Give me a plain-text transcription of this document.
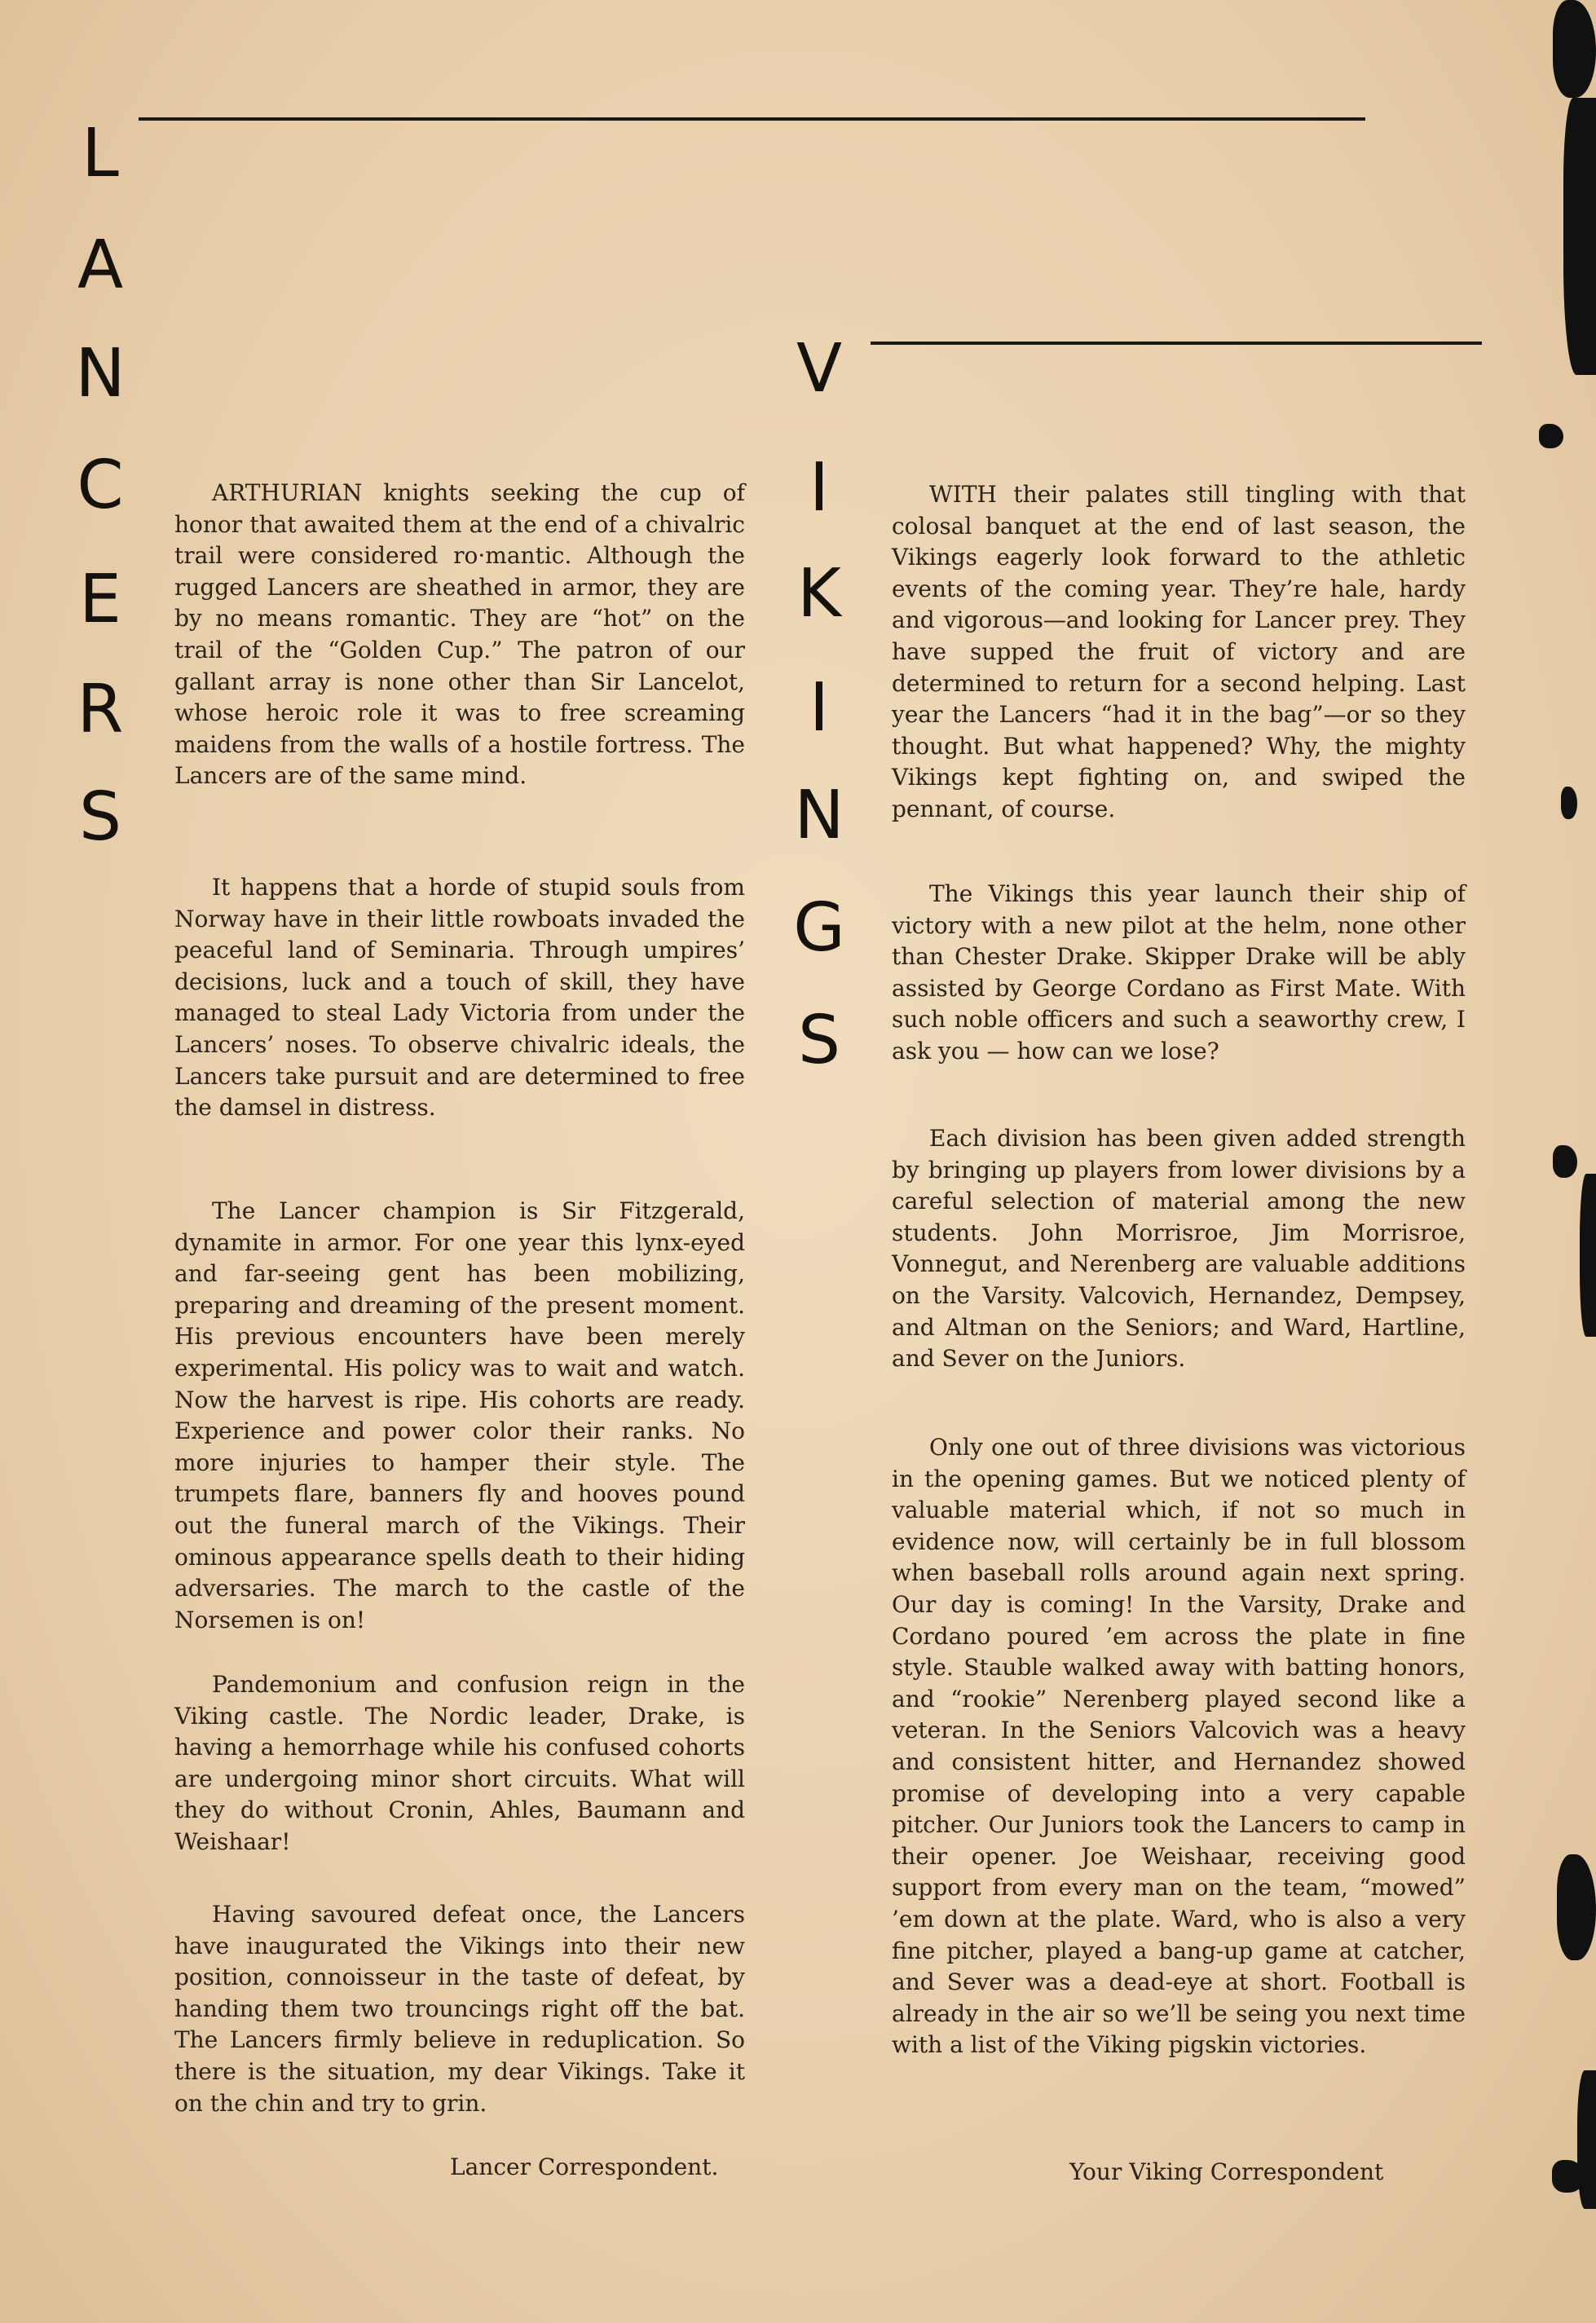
L
A
N
C
E
R
S
V
I
K
I
N
G
S

ARTHURIAN knights seeking the cup of honor that awaited them at the end of a chivalric trail were considered ro·mantic. Although the rugged Lancers are sheathed in armor, they are by no means romantic. They are “hot” on the trail of the “Golden Cup.” The patron of our gallant array is none other than Sir Lancelot, whose heroic role it was to free screaming maidens from the walls of a hostile fortress. The Lancers are of the same mind.

It happens that a horde of stupid souls from Norway have in their little rowboats invaded the peaceful land of Seminaria. Through umpires’ decisions, luck and a touch of skill, they have managed to steal Lady Victoria from under the Lancers’ noses. To observe chivalric ideals, the Lancers take pursuit and are determined to free the damsel in distress.

The Lancer champion is Sir Fitzgerald, dynamite in armor. For one year this lynx-eyed and far-seeing gent has been mobilizing, preparing and dreaming of the present moment. His previous encounters have been merely experimental. His policy was to wait and watch. Now the harvest is ripe. His cohorts are ready. Experience and power color their ranks. No more injuries to hamper their style. The trumpets flare, banners fly and hooves pound out the funeral march of the Vikings. Their ominous appearance spells death to their hiding adversaries. The march to the castle of the Norsemen is on!

Pandemonium and confusion reign in the Viking castle. The Nordic leader, Drake, is having a hemorrhage while his confused cohorts are undergoing minor short circuits. What will they do without Cronin, Ahles, Baumann and Weishaar!

Having savoured defeat once, the Lancers have inaugurated the Vikings into their new position, connoisseur in the taste of defeat, by handing them two trouncings right off the bat. The Lancers firmly believe in reduplication. So there is the situation, my dear Vikings. Take it on the chin and try to grin.

Lancer Correspondent.

WITH their palates still tingling with that colosal banquet at the end of last season, the Vikings eagerly look forward to the athletic events of the coming year. They’re hale, hardy and vigorous—and looking for Lancer prey. They have supped the fruit of victory and are determined to return for a second helping. Last year the Lancers “had it in the bag”—or so they thought. But what happened? Why, the mighty Vikings kept fighting on, and swiped the pennant, of course.

The Vikings this year launch their ship of victory with a new pilot at the helm, none other than Chester Drake. Skipper Drake will be ably assisted by George Cordano as First Mate. With such noble officers and such a seaworthy crew, I ask you — how can we lose?

Each division has been given added strength by bringing up players from lower divisions by a careful selection of material among the new students. John Morrisroe, Jim Morrisroe, Vonnegut, and Nerenberg are valuable additions on the Varsity. Valcovich, Hernandez, Dempsey, and Altman on the Seniors; and Ward, Hartline, and Sever on the Juniors.

Only one out of three divisions was victorious in the opening games. But we noticed plenty of valuable material which, if not so much in evidence now, will certainly be in full blossom when baseball rolls around again next spring. Our day is coming! In the Varsity, Drake and Cordano poured ’em across the plate in fine style. Stauble walked away with batting honors, and “rookie” Nerenberg played second like a veteran. In the Seniors Valcovich was a heavy and consistent hitter, and Hernandez showed promise of developing into a very capable pitcher. Our Juniors took the Lancers to camp in their opener. Joe Weishaar, receiving good support from every man on the team, “mowed” ’em down at the plate. Ward, who is also a very fine pitcher, played a bang-up game at catcher, and Sever was a dead-eye at short. Football is already in the air so we’ll be seing you next time with a list of the Viking pigskin victories.

Your Viking Correspondent
